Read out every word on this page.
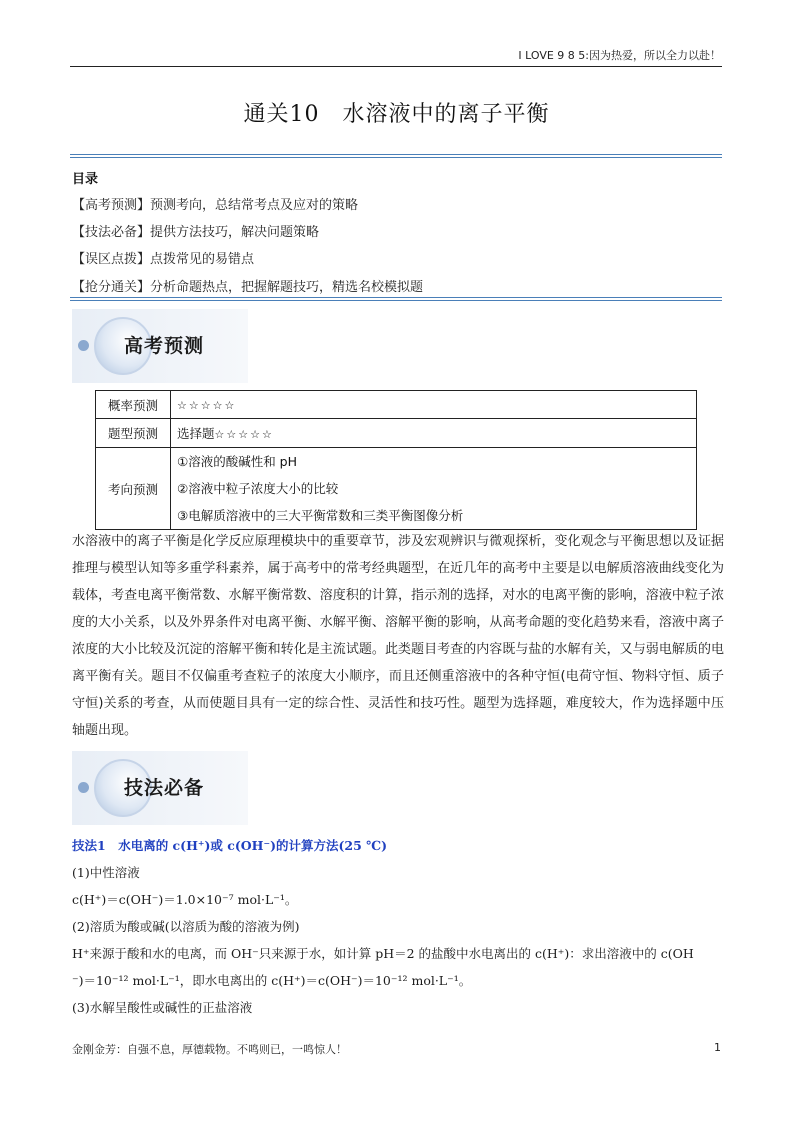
I LOVE 9 8 5:因为热爱，所以全力以赴！
通关10　水溶液中的离子平衡
目录
【高考预测】预测考向，总结常考点及应对的策略
【技法必备】提供方法技巧，解决问题策略
【误区点拨】点拨常见的易错点
【抢分通关】分析命题热点，把握解题技巧，精选名校模拟题
高考预测
概率预测	☆☆☆☆☆
题型预测	选择题☆☆☆☆☆
考向预测	①溶液的酸碱性和 pH
②溶液中粒子浓度大小的比较
③电解质溶液中的三大平衡常数和三类平衡图像分析
水溶液中的离子平衡是化学反应原理模块中的重要章节，涉及宏观辨识与微观探析，变化观念与平衡思想以及证据推理与模型认知等多重学科素养，属于高考中的常考经典题型，在近几年的高考中主要是以电解质溶液曲线变化为载体，考查电离平衡常数、水解平衡常数、溶度积的计算，指示剂的选择，对水的电离平衡的影响，溶液中粒子浓度的大小关系，以及外界条件对电离平衡、水解平衡、溶解平衡的影响，从高考命题的变化趋势来看，溶液中离子浓度的大小比较及沉淀的溶解平衡和转化是主流试题。此类题目考查的内容既与盐的水解有关，又与弱电解质的电离平衡有关。题目不仅偏重考查粒子的浓度大小顺序，而且还侧重溶液中的各种守恒(电荷守恒、物料守恒、质子守恒)关系的考查，从而使题目具有一定的综合性、灵活性和技巧性。题型为选择题，难度较大，作为选择题中压轴题出现。
技法必备
技法1　水电离的 c(H⁺)或 c(OH⁻)的计算方法(25 ℃)
(1)中性溶液
c(H⁺)＝c(OH⁻)＝1.0×10⁻⁷ mol·L⁻¹。
(2)溶质为酸或碱(以溶质为酸的溶液为例)
H⁺来源于酸和水的电离，而 OH⁻只来源于水，如计算 pH＝2 的盐酸中水电离出的 c(H⁺)：求出溶液中的 c(OH
⁻)＝10⁻¹² mol·L⁻¹，即水电离出的 c(H⁺)＝c(OH⁻)＝10⁻¹² mol·L⁻¹。
(3)水解呈酸性或碱性的正盐溶液
金刚金芳：自强不息，厚德载物。不鸣则已，一鸣惊人！	1
